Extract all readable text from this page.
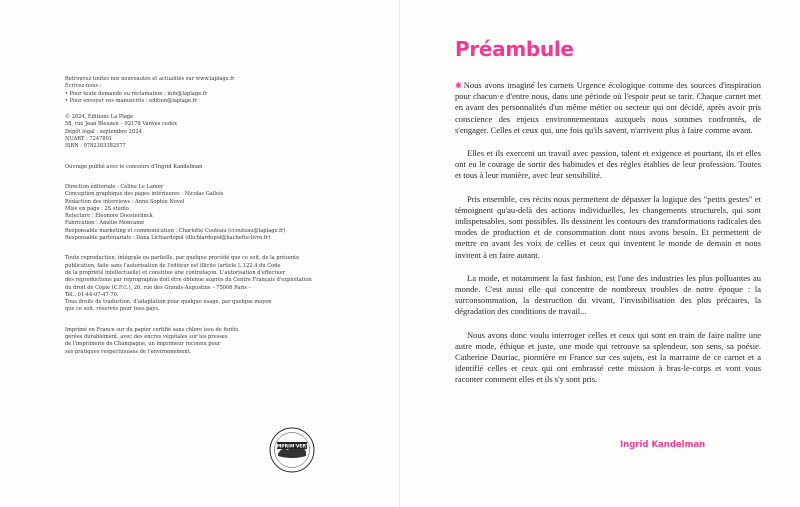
Retrouvez toutes nos nouveautés et actualités sur www.laplage.fr
Écrivez-nous :
• Pour toute demande ou réclamation : info@laplage.fr
• Pour envoyer vos manuscrits : edition@laplage.fr
© 2024, Éditions La Plage
58, rue Jean Bleuzen – 92178 Vanves cedex
Dépôt légal : septembre 2024
NUART : 7247801
ISBN : 9782383382577
Ouvrage publié avec le concours d'Ingrid Kandelman
Direction éditoriale : Céline Le Lamer
Conception graphique des pages intérieures : Nicolas Gallois
Rédaction des interviews : Anne-Sophie Novel
Mise en page : 2S studio
Relecture : Éléonore Doosterlinck
Fabrication : Amélie Moncamé
Responsable marketing et communication : Charlotte Couteau (ccouteau@laplage.fr)
Responsable partenariats : Dana Lichiardopol (dlichiardopol@hachette-livre.fr)
Toute reproduction, intégrale ou partielle, par quelque procédé que ce soit, de la présente
publication, faite sans l'autorisation de l'éditeur est illicite (article L.122.4 du Code
de la propriété intellectuelle) et constitue une contrefaçon. L'autorisation d'effectuer
des reproductions par reprographie doit être obtenue auprès du Centre Français d'exploitation
du droit de Copie (C.F.C.), 20, rue des Grands-Augustins – 75006 Paris –
Tél.: 01-44-07-47-70.
Tous droits de traduction, d'adaptation pour quelque usage, par quelque moyen
que ce soit, réservés pour tous pays.
Imprimé en France sur du papier certifié sans chlore issu de forêts
gérées durablement, avec des encres végétales sur les presses
de l'imprimerie de Champagne, un imprimeur reconnu pour
ses pratiques respectueuses de l'environnement.
IMPRIM'VERT
Préambule

✱ Nous avons imaginé les carnets Urgence écologique comme des sources d'inspiration pour chacun·e d'entre nous, dans une période où l'espoir peut se tarir. Chaque carnet met en avant des personnalités d'un même métier ou secteur qui ont décidé, après avoir pris conscience des enjeux environnementaux auxquels nous sommes confrontés, de s'engager. Celles et ceux qui, une fois qu'ils savent, n'arrivent plus à faire comme avant.

Elles et ils exercent un travail avec passion, talent et exigence et pourtant, ils et elles ont eu le courage de sortir des habitudes et des règles établies de leur profession. Toutes et tous à leur manière, avec leur sensibilité.

Pris ensemble, ces récits nous permettent de dépasser la logique des "petits gestes" et témoignent qu'au-delà des actions individuelles, les changements structurels, qui sont indispensables, sont possibles. Ils dessinent les contours des transformations radicales des modes de production et de consommation dont nous avons besoin. Et permettent de mettre en avant les voix de celles et ceux qui inventent le monde de demain et nous invitent à en faire autant.

La mode, et notamment la fast fashion, est l'une des industries les plus polluantes au monde. C'est aussi elle qui concentre de nombreux troubles de notre époque : la surconsommation, la destruction du vivant, l'invisibilisation des plus précaires, la dégradation des conditions de travail...

Nous avons donc voulu interroger celles et ceux qui sont en train de faire naître une autre mode, éthique et juste, une mode qui retrouve sa splendeur, son sens, sa poésie. Catherine Dauriac, pionnière en France sur ces sujets, est la marraine de ce carnet et a identifié celles et ceux qui ont embrassé cette mission à bras-le-corps et vont vous raconter comment elles et ils s'y sont pris.

Ingrid Kandelman
